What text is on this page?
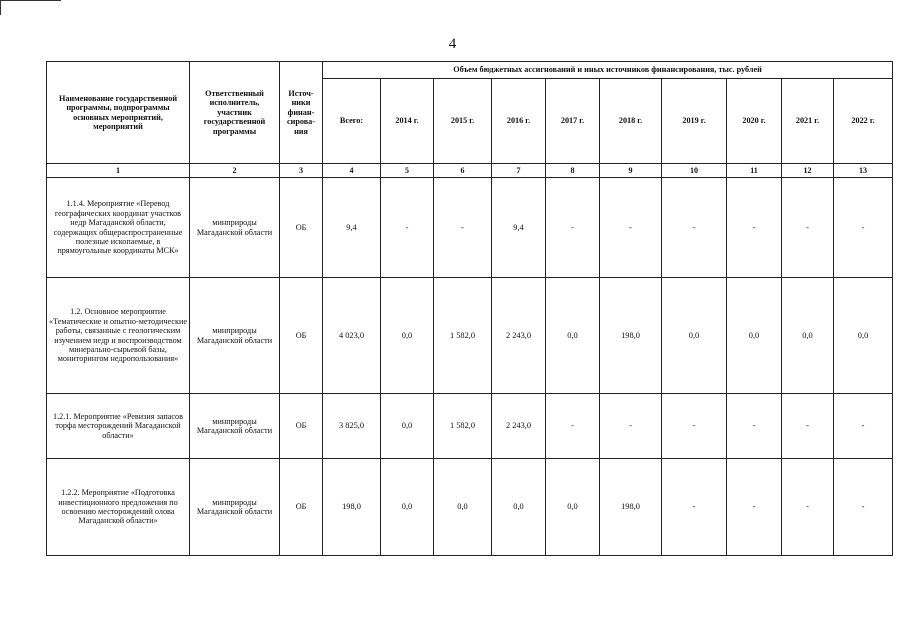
4
Наименование государственной программы, подпрограммы основных мероприятий, мероприятий	Ответственный исполнитель, участник государственной программы	Источ-ники финан-сирова-ния	Объем бюджетных ассигнований и иных источников финансирования, тыс. рублей									
			Всего:	2014 г.	2015 г.	2016 г.	2017 г.	2018 г.	2019 г.	2020 г.	2021 г.	2022 г.
1	2	3	4	5	6	7	8	9	10	11	12	13
1.1.4. Мероприятие «Перевод географических координат участков недр Магаданской области, содержащих общераспространенные полезные ископаемые, в прямоугольные координаты МСК»	минприроды Магаданской области	ОБ	9,4	-	-	9,4	-	-	-	-	-	-
1.2. Основное мероприятие «Тематические и опытно-методические работы, связанные с геологическим изучением недр и воспроизводством минерально-сырьевой базы, мониторингом недропользования»	минприроды Магаданской области	ОБ	4 023,0	0,0	1 582,0	2 243,0	0,0	198,0	0,0	0,0	0,0	0,0
1.2.1. Мероприятие «Ревизия запасов торфа месторождений Магаданской области»	минприроды Магаданской области	ОБ	3 825,0	0,0	1 582,0	2 243,0	-	-	-	-	-	-
1.2.2. Мероприятие «Подготовка инвестиционного предложения по освоению месторождений олова Магаданской области»	минприроды Магаданской области	ОБ	198,0	0,0	0,0	0,0	0,0	198,0	-	-	-	-
